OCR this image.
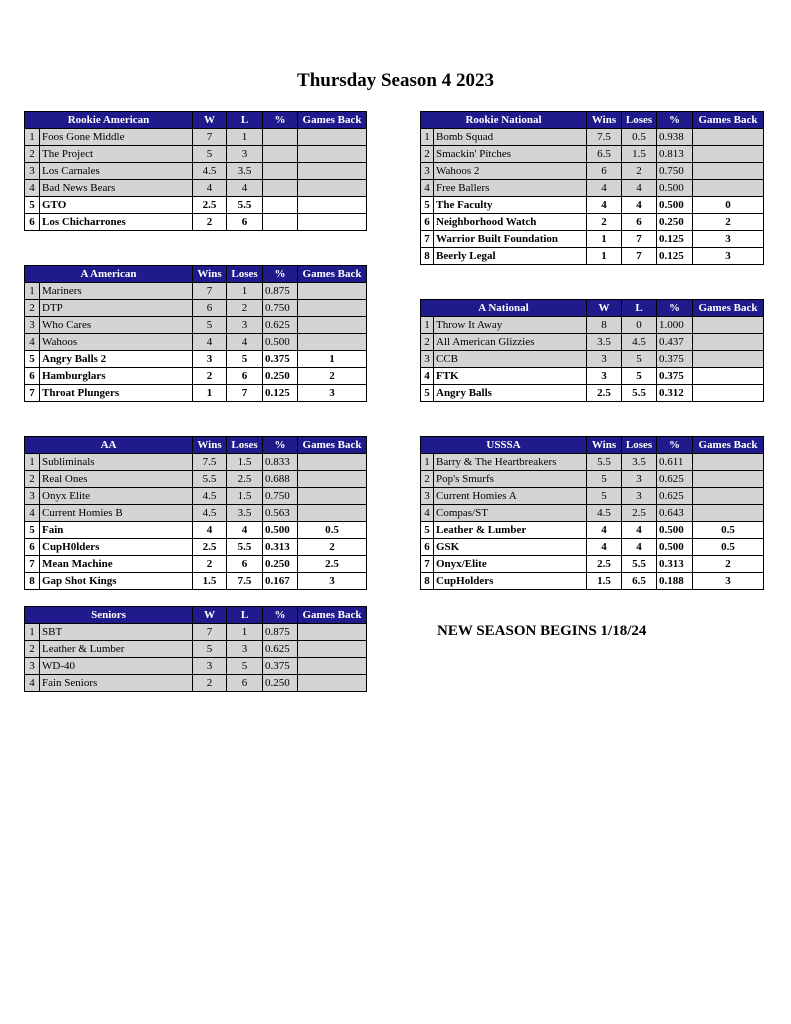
Thursday Season 4 2023
NEW SEASON BEGINS 1/18/24
Rookie American		W	L	%	Games Back
1	Foos Gone Middle	7	1		
2	The Project	5	3		
3	Los Carnales	4.5	3.5		
4	Bad News Bears	4	4		
5	GTO	2.5	5.5		
6	Los Chicharrones	2	6		
Rookie National		Wins	Loses	%	Games Back
1	Bomb Squad	7.5	0.5	0.938	
2	Smackin' Pitches	6.5	1.5	0.813	
3	Wahoos 2	6	2	0.750	
4	Free Ballers	4	4	0.500	
5	The Faculty	4	4	0.500	0
6	Neighborhood Watch	2	6	0.250	2
7	Warrior Built Foundation	1	7	0.125	3
8	Beerly Legal	1	7	0.125	3
A American		Wins	Loses	%	Games Back
1	Mariners	7	1	0.875	
2	DTP	6	2	0.750	
3	Who Cares	5	3	0.625	
4	Wahoos	4	4	0.500	
5	Angry Balls 2	3	5	0.375	1
6	Hamburglars	2	6	0.250	2
7	Throat Plungers	1	7	0.125	3
A National		W	L	%	Games Back
1	Throw It Away	8	0	1.000	
2	All American Glizzies	3.5	4.5	0.437	
3	CCB	3	5	0.375	
4	FTK	3	5	0.375	
5	Angry Balls	2.5	5.5	0.312	
AA		Wins	Loses	%	Games Back
1	Subliminals	7.5	1.5	0.833	
2	Real Ones	5.5	2.5	0.688	
3	Onyx Elite	4.5	1.5	0.750	
4	Current Homies B	4.5	3.5	0.563	
5	Fain	4	4	0.500	0.5
6	CupH0lders	2.5	5.5	0.313	2
7	Mean Machine	2	6	0.250	2.5
8	Gap Shot Kings	1.5	7.5	0.167	3
USSSA		Wins	Loses	%	Games Back
1	Barry & The Heartbreakers	5.5	3.5	0.611	
2	Pop's Smurfs	5	3	0.625	
3	Current Homies A	5	3	0.625	
4	Compas/ST	4.5	2.5	0.643	
5	Leather & Lumber	4	4	0.500	0.5
6	GSK	4	4	0.500	0.5
7	Onyx/Elite	2.5	5.5	0.313	2
8	CupHolders	1.5	6.5	0.188	3
Seniors		W	L	%	Games Back
1	SBT	7	1	0.875	
2	Leather & Lumber	5	3	0.625	
3	WD-40	3	5	0.375	
4	Fain Seniors	2	6	0.250	
